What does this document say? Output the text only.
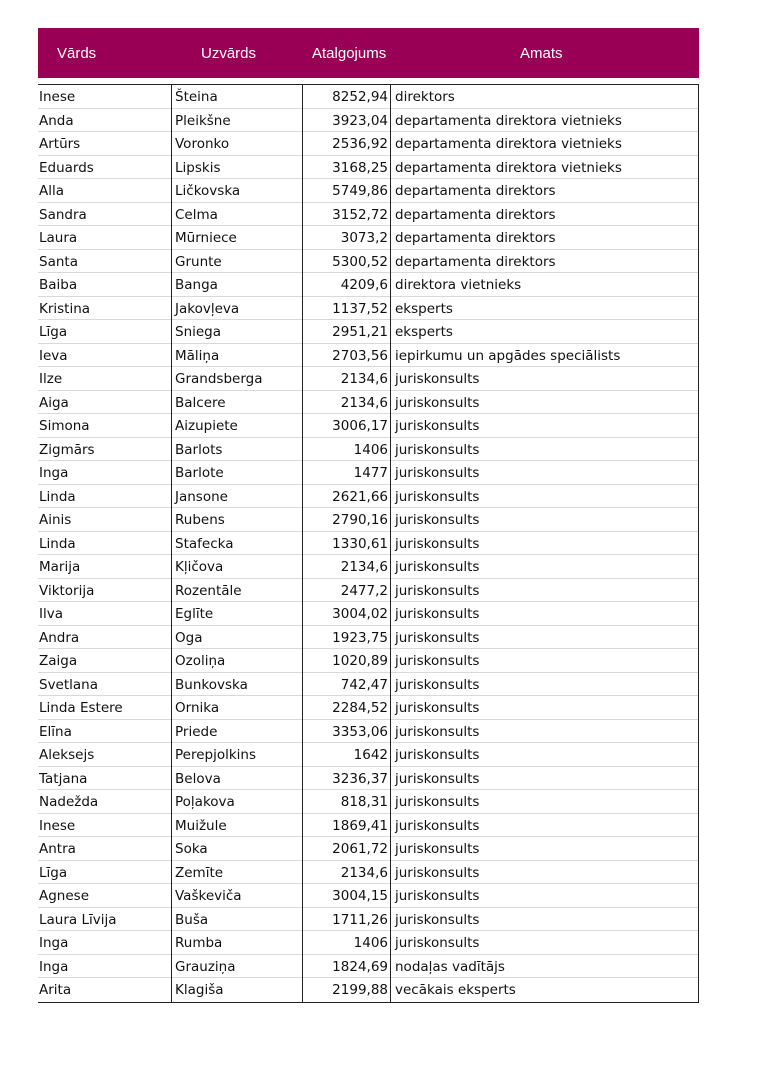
Vārds	Uzvārds	Atalgojums	Amats
Inese	Šteina	8252,94 direktors
Anda	Pleikšne	3923,04 departamenta direktora vietnieks
Artūrs	Voronko	2536,92 departamenta direktora vietnieks
Eduards	Lipskis	3168,25 departamenta direktora vietnieks
Alla	Ličkovska	5749,86 departamenta direktors
Sandra	Celma	3152,72 departamenta direktors
Laura	Mūrniece	3073,2 departamenta direktors
Santa	Grunte	5300,52 departamenta direktors
Baiba	Banga	4209,6 direktora vietnieks
Kristina	Jakovļeva	1137,52 eksperts
Līga	Sniega	2951,21 eksperts
Ieva	Māliņa	2703,56 iepirkumu un apgādes speciālists
Ilze	Grandsberga	2134,6 juriskonsults
Aiga	Balcere	2134,6 juriskonsults
Simona	Aizupiete	3006,17 juriskonsults
Zigmārs	Barlots	1406 juriskonsults
Inga	Barlote	1477 juriskonsults
Linda	Jansone	2621,66 juriskonsults
Ainis	Rubens	2790,16 juriskonsults
Linda	Stafecka	1330,61 juriskonsults
Marija	Kļičova	2134,6 juriskonsults
Viktorija	Rozentāle	2477,2 juriskonsults
Ilva	Eglīte	3004,02 juriskonsults
Andra	Oga	1923,75 juriskonsults
Zaiga	Ozoliņa	1020,89 juriskonsults
Svetlana	Bunkovska	742,47 juriskonsults
Linda Estere	Ornika	2284,52 juriskonsults
Elīna	Priede	3353,06 juriskonsults
Aleksejs	Perepjolkins	1642 juriskonsults
Tatjana	Belova	3236,37 juriskonsults
Nadežda	Poļakova	818,31 juriskonsults
Inese	Muižule	1869,41 juriskonsults
Antra	Soka	2061,72 juriskonsults
Līga	Zemīte	2134,6 juriskonsults
Agnese	Vaškeviča	3004,15 juriskonsults
Laura Līvija	Buša	1711,26 juriskonsults
Inga	Rumba	1406 juriskonsults
Inga	Grauziņa	1824,69 nodaļas vadītājs
Arita	Klagiša	2199,88 vecākais eksperts
